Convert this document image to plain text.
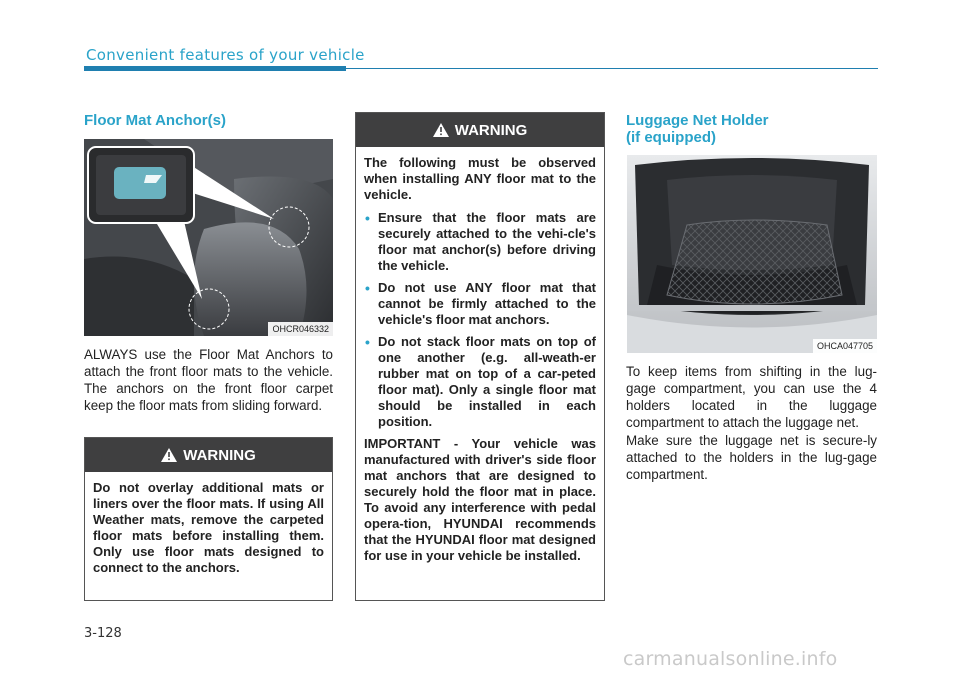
Convenient features of your vehicle
Floor Mat Anchor(s)
OHCR046332
ALWAYS use the Floor Mat Anchors to attach the front floor mats to the vehicle. The anchors on the front floor carpet keep the floor mats from sliding forward.
WARNING

Do not overlay additional mats or liners over the floor mats. If using All Weather mats, remove the carpeted floor mats before installing them. Only use floor mats designed to connect to the anchors.

WARNING

The following must be observed when installing ANY floor mat to the vehicle.

• Ensure that the floor mats are securely attached to the vehi-cle's floor mat anchor(s) before driving the vehicle.
• Do not use ANY floor mat that cannot be firmly attached to the vehicle's floor mat anchors.
• Do not stack floor mats on top of one another (e.g. all-weath-er rubber mat on top of a car-peted floor mat). Only a single floor mat should be installed in each position.

IMPORTANT - Your vehicle was manufactured with driver's side floor mat anchors that are designed to securely hold the floor mat in place. To avoid any interference with pedal opera-tion, HYUNDAI recommends that the HYUNDAI floor mat designed for use in your vehicle be installed.

Luggage Net Holder
(if equipped)
OHCA047705
To keep items from shifting in the lug-gage compartment, you can use the 4 holders located in the luggage compartment to attach the luggage net.
Make sure the luggage net is secure-ly attached to the holders in the lug-gage compartment.
3-128
carmanualsonline.info
